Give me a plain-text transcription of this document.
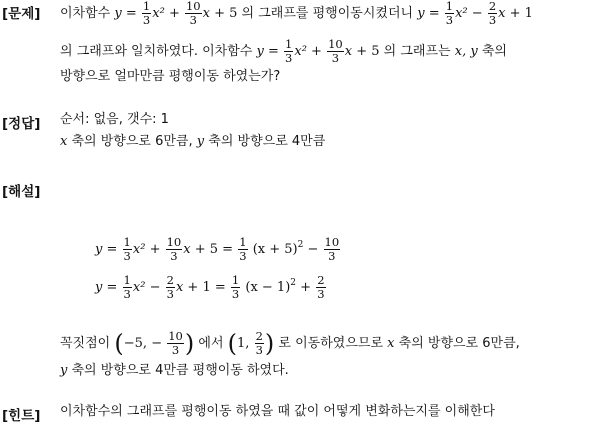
[문제] 이차함수 $y = \frac{1}{3} x^2 + \frac{10}{3}$ x + 5 의 그래프를 평행이동시켰더니 $y = \frac{1}{3} x^2 - \frac{2}{3}$ x + 1
의 그래프와 일치하였다. 이차함수 $y = \frac{1}{3} x^2 + \frac{10}{3}$ x + 5 의 그래프는 x, y 축의
방향으로 얼마만큼 평행이동 하였는가?
[정답] 순서: 없음, 갯수: 1
x 축의 방향으로 6만큼, y 축의 방향으로 4만큼
[해설]
$y = \frac{1}{3} x^2 + \frac{10}{3}$ $x + 5 = \frac{1}{3} (x + 5)^2 - \frac{10}{3}$
$y = \frac{1}{3} x^2 - \frac{2}{3}$ $x + 1 = \frac{1}{3} (x - 1)^2 + \frac{2}{3}$
꼭짓점이 (−5, − $\frac{10}{3}$ ) 에서 (1, $\frac{2}{3}$ ) 로 이동하였으므로 x 축의 방향으로 6만큼,
y 축의 방향으로 4만큼 평행이동 하였다.
[힌트] 이차함수의 그래프를 평행이동 하였을 때 값이 어떻게 변화하는지를 이해한다
